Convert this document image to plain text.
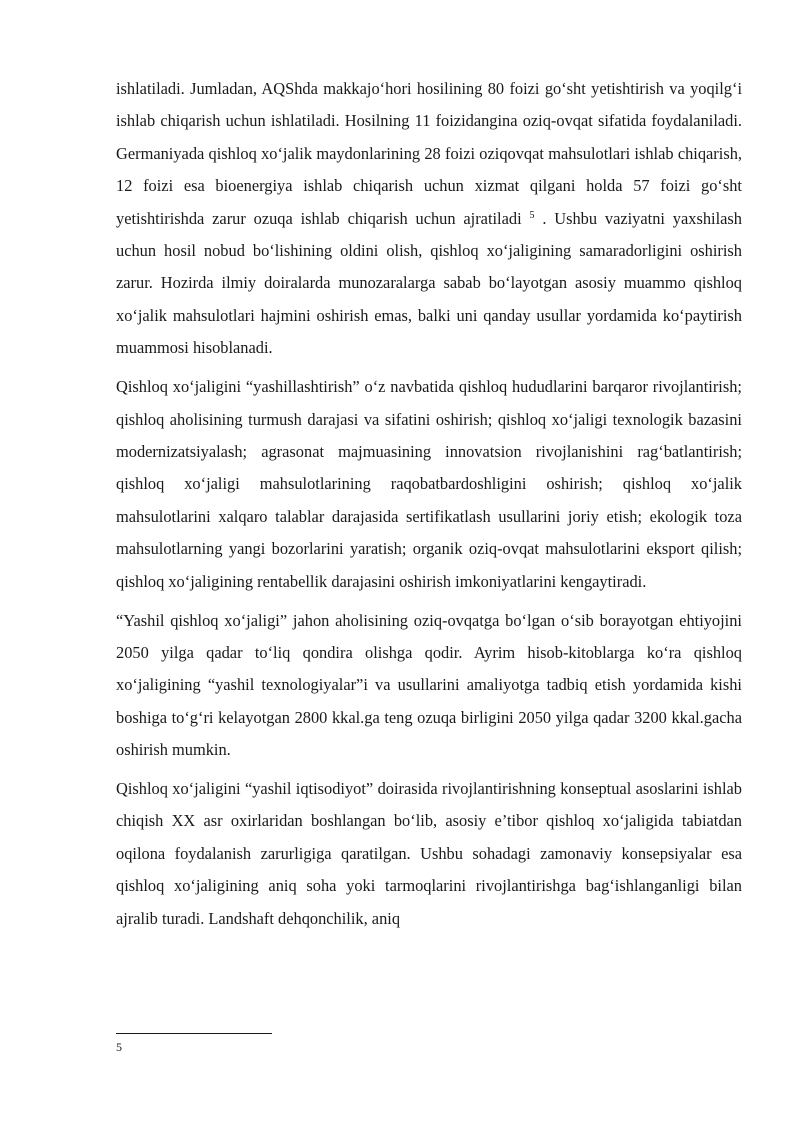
ishlatiladi. Jumladan, AQShda makkajo‘hori hosilining 80 foizi go‘sht yetishtirish va yoqilg‘i ishlab chiqarish uchun ishlatiladi. Hosilning 11 foizidangina oziq-ovqat sifatida foydalaniladi. Germaniyada qishloq xo‘jalik maydonlarining 28 foizi oziqovqat mahsulotlari ishlab chiqarish, 12 foizi esa bioenergiya ishlab chiqarish uchun xizmat qilgani holda 57 foizi go‘sht yetishtirishda zarur ozuqa ishlab chiqarish uchun ajratiladi $^5$ . Ushbu vaziyatni yaxshilash uchun hosil nobud bo‘lishining oldini olish, qishloq xo‘jaligining samaradorligini oshirish zarur. Hozirda ilmiy doiralarda munozaralarga sabab bo‘layotgan asosiy muammo qishloq xo‘jalik mahsulotlari hajmini oshirish emas, balki uni qanday usullar yordamida ko‘paytirish muammosi hisoblanadi.

Qishloq xo‘jaligini “yashillashtirish” o‘z navbatida qishloq hududlarini barqaror rivojlantirish; qishloq aholisining turmush darajasi va sifatini oshirish; qishloq xo‘jaligi texnologik bazasini modernizatsiyalash; agrasonat majmuasining innovatsion rivojlanishini rag‘batlantirish; qishloq xo‘jaligi mahsulotlarining raqobatbardoshligini oshirish; qishloq xo‘jalik mahsulotlarini xalqaro talablar darajasida sertifikatlash usullarini joriy etish; ekologik toza mahsulotlarning yangi bozorlarini yaratish; organik oziq-ovqat mahsulotlarini eksport qilish; qishloq xo‘jaligining rentabellik darajasini oshirish imkoniyatlarini kengaytiradi.

“Yashil qishloq xo‘jaligi” jahon aholisining oziq-ovqatga bo‘lgan o‘sib borayotgan ehtiyojini 2050 yilga qadar to‘liq qondira olishga qodir. Ayrim hisob-kitoblarga ko‘ra qishloq xo‘jaligining “yashil texnologiyalar”i va usullarini amaliyotga tadbiq etish yordamida kishi boshiga to‘g‘ri kelayotgan 2800 kkal.ga teng ozuqa birligini 2050 yilga qadar 3200 kkal.gacha oshirish mumkin.

Qishloq xo‘jaligini “yashil iqtisodiyot” doirasida rivojlantirishning konseptual asoslarini ishlab chiqish XX asr oxirlaridan boshlangan bo‘lib, asosiy e’tibor qishloq xo‘jaligida tabiatdan oqilona foydalanish zarurligiga qaratilgan. Ushbu sohadagi zamonaviy konsepsiyalar esa qishloq xo‘jaligining aniq soha yoki tarmoqlarini rivojlantirishga bag‘ishlanganligi bilan ajralib turadi. Landshaft dehqonchilik, aniq

5
